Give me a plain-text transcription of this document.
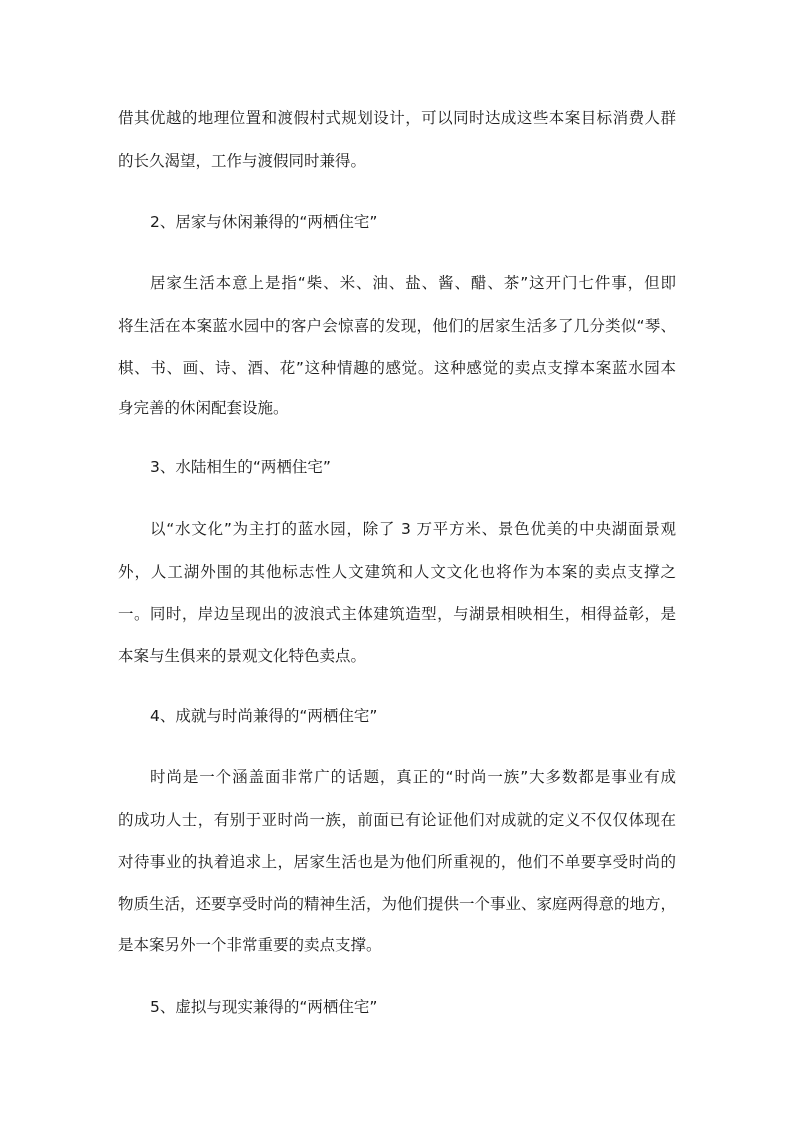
借其优越的地理位置和渡假村式规划设计，可以同时达成这些本案目标消费人群
的长久渴望，工作与渡假同时兼得。
2、居家与休闲兼得的“两栖住宅”
居家生活本意上是指“柴、米、油、盐、酱、醋、茶”这开门七件事，但即
将生活在本案蓝水园中的客户会惊喜的发现，他们的居家生活多了几分类似“琴、
棋、书、画、诗、酒、花”这种情趣的感觉。这种感觉的卖点支撑本案蓝水园本
身完善的休闲配套设施。
3、水陆相生的“两栖住宅”
以“水文化”为主打的蓝水园，除了 3 万平方米、景色优美的中央湖面景观
外，人工湖外围的其他标志性人文建筑和人文文化也将作为本案的卖点支撑之
一。同时，岸边呈现出的波浪式主体建筑造型，与湖景相映相生，相得益彰，是
本案与生俱来的景观文化特色卖点。
4、成就与时尚兼得的“两栖住宅”
时尚是一个涵盖面非常广的话题，真正的“时尚一族”大多数都是事业有成
的成功人士，有别于亚时尚一族，前面已有论证他们对成就的定义不仅仅体现在
对待事业的执着追求上，居家生活也是为他们所重视的，他们不单要享受时尚的
物质生活，还要享受时尚的精神生活，为他们提供一个事业、家庭两得意的地方，
是本案另外一个非常重要的卖点支撑。
5、虚拟与现实兼得的“两栖住宅”
